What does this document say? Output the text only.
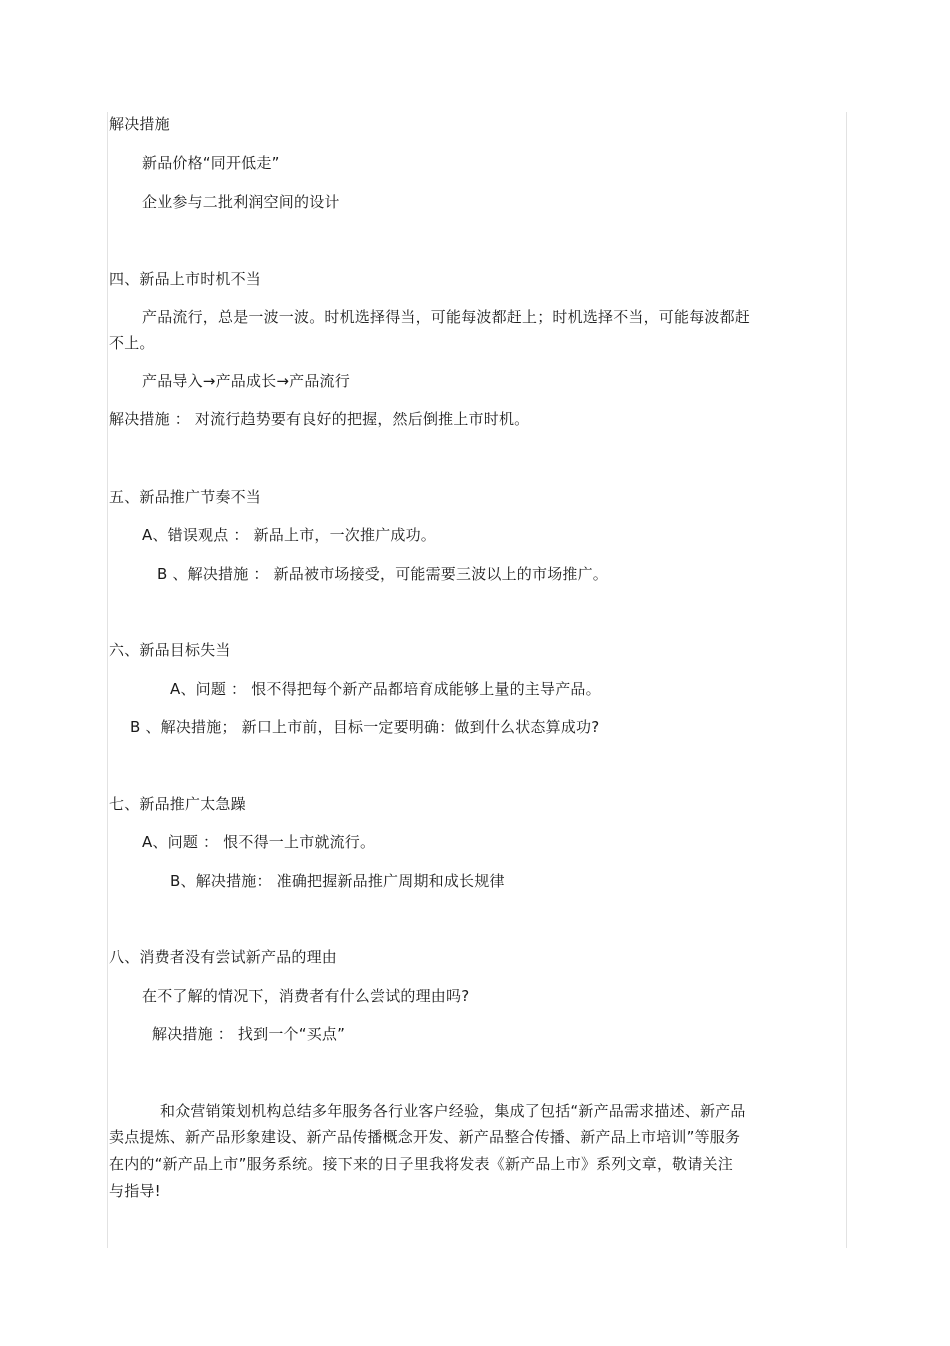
解决措施
新品价格“同开低走”
企业参与二批利润空间的设计
四、新品上市时机不当
产品流行，总是一波一波。时机选择得当，可能每波都赶上；时机选择不当，可能每波都赶
不上。
产品导入→产品成长→产品流行
解决措施 ： 对流行趋势要有良好的把握，然后倒推上市时机。
五、新品推广节奏不当
A、错误观点 ： 新品上市，一次推广成功。
B 、解决措施 ： 新品被市场接受，可能需要三波以上的市场推广。
六、新品目标失当
A、问题 ： 恨不得把每个新产品都培育成能够上量的主导产品。
B 、解决措施； 新口上市前，目标一定要明确：做到什么状态算成功?
七、新品推广太急躁
A、问题 ： 恨不得一上市就流行。
B、解决措施： 准确把握新品推广周期和成长规律
八、消费者没有尝试新产品的理由
在不了解的情况下，消费者有什么尝试的理由吗?
解决措施 ： 找到一个“买点”
和众营销策划机构总结多年服务各行业客户经验，集成了包括“新产品需求描述、新产品
卖点提炼、新产品形象建设、新产品传播概念开发、新产品整合传播、新产品上市培训”等服务
在内的“新产品上市”服务系统。接下来的日子里我将发表《新产品上市》系列文章，敬请关注
与指导!
